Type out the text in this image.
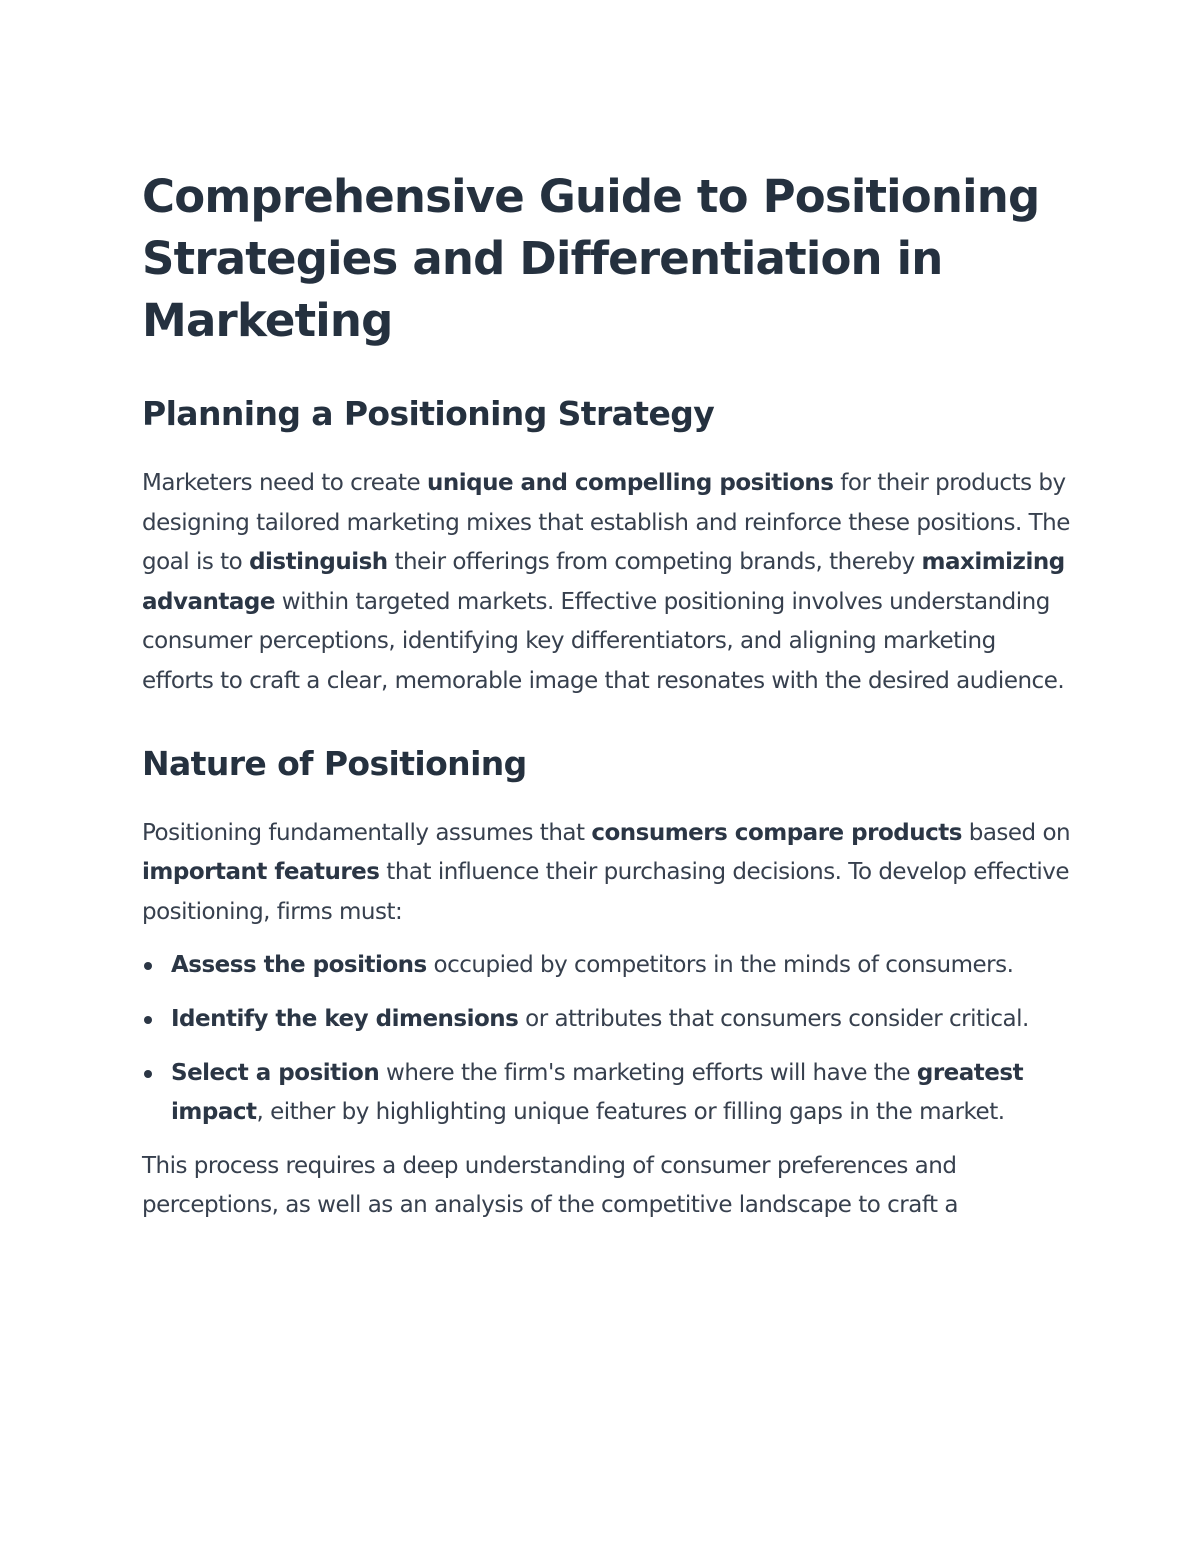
Comprehensive Guide to Positioning Strategies and Differentiation in Marketing
Planning a Positioning Strategy

Marketers need to create unique and compelling positions for their products by designing tailored marketing mixes that establish and reinforce these positions. The goal is to distinguish their offerings from competing brands, thereby maximizing advantage within targeted markets. Effective positioning involves understanding consumer perceptions, identifying key differentiators, and aligning marketing efforts to craft a clear, memorable image that resonates with the desired audience.

Nature of Positioning

Positioning fundamentally assumes that consumers compare products based on important features that influence their purchasing decisions. To develop effective positioning, firms must:

Assess the positions occupied by competitors in the minds of consumers.
Identify the key dimensions or attributes that consumers consider critical.
Select a position where the firm's marketing efforts will have the greatest impact, either by highlighting unique features or filling gaps in the market.

This process requires a deep understanding of consumer preferences and perceptions, as well as an analysis of the competitive landscape to craft a
